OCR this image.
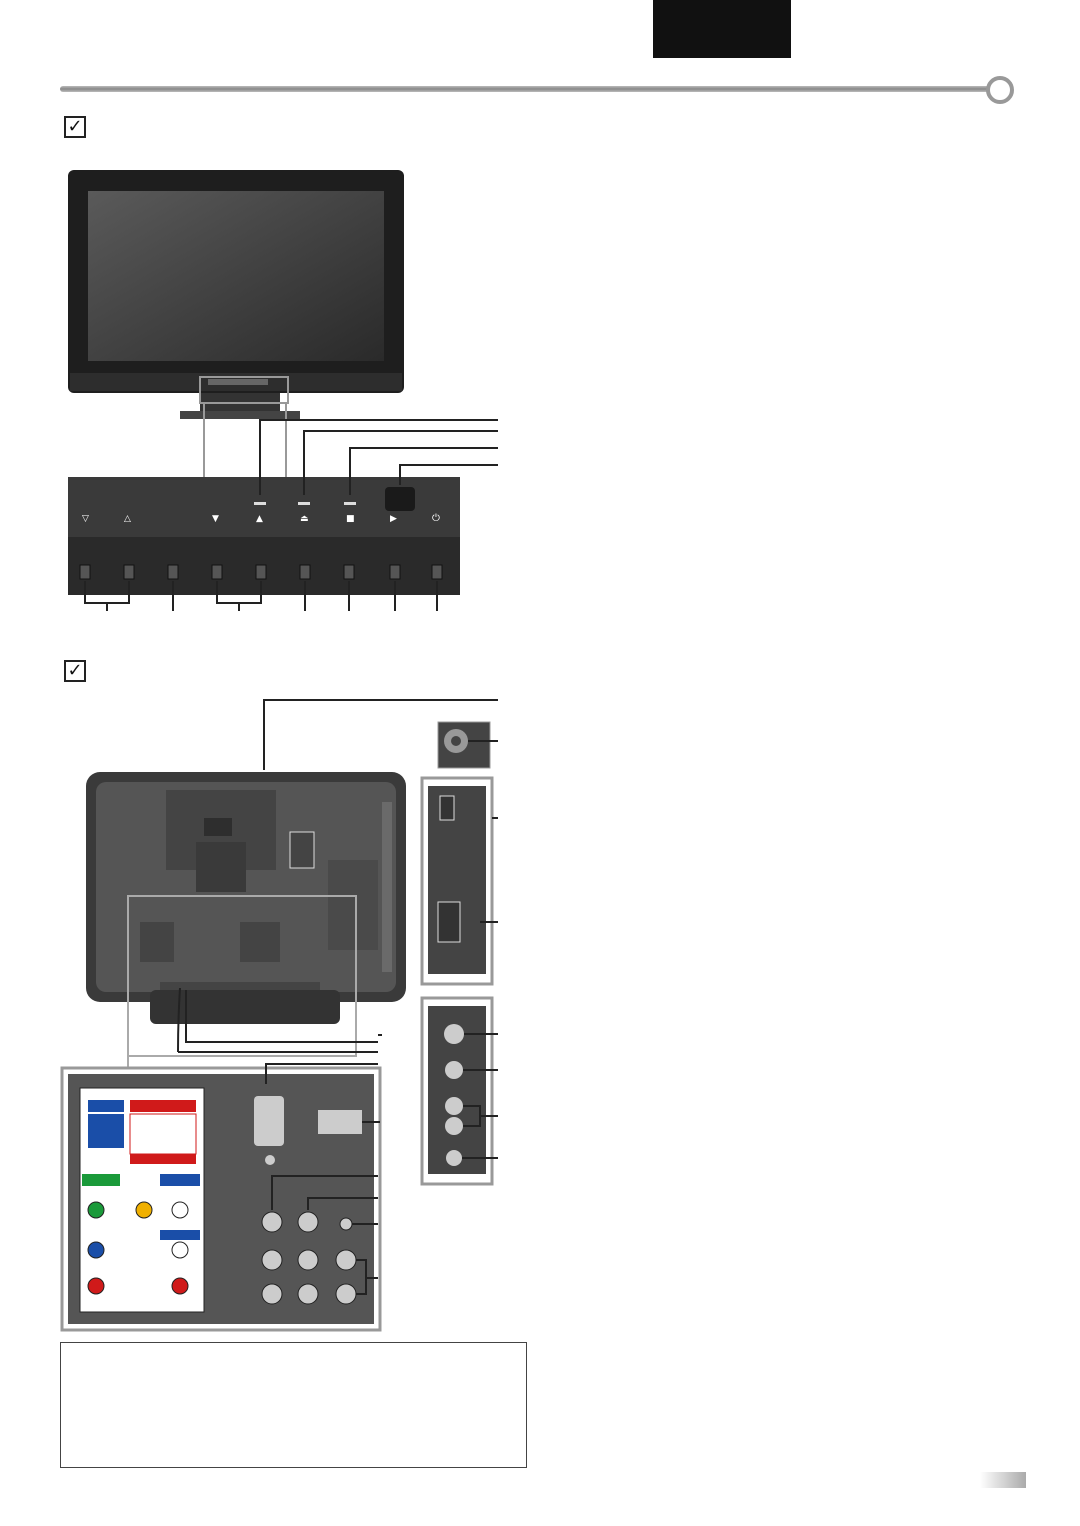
✓
▽	△	▼	▲	⏏	■	▶	⏻
✓
